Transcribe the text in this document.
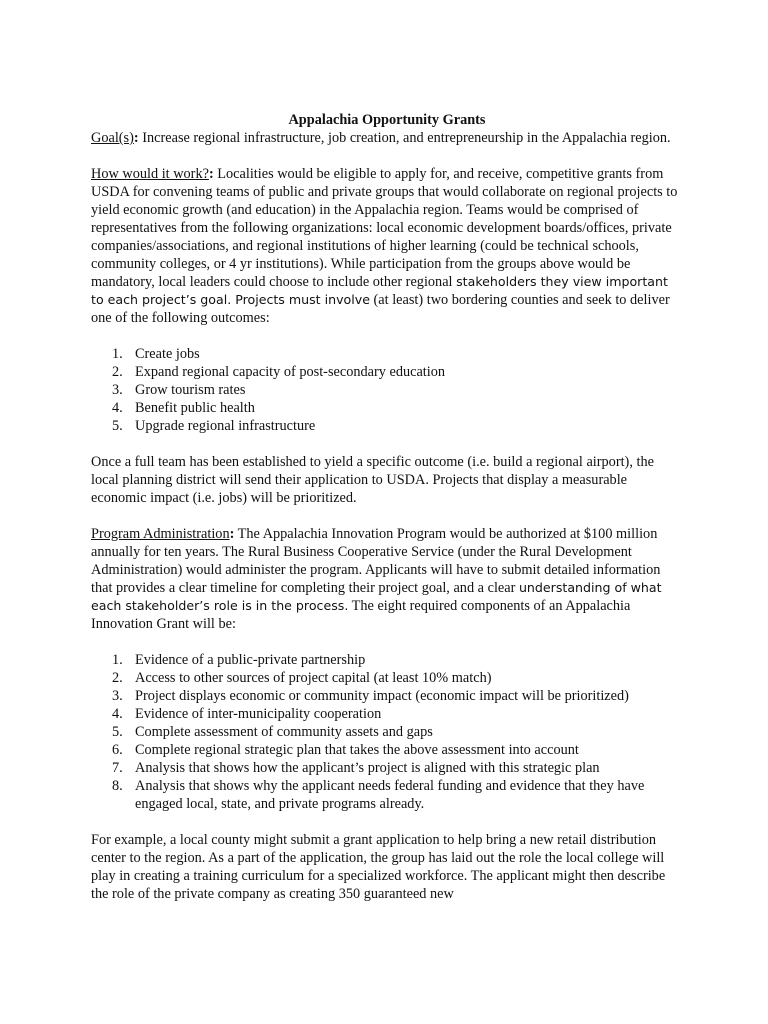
Appalachia Opportunity Grants

Goal(s): Increase regional infrastructure, job creation, and entrepreneurship in the Appalachia region.

How would it work?: Localities would be eligible to apply for, and receive, competitive grants from USDA for convening teams of public and private groups that would collaborate on regional projects to yield economic growth (and education) in the Appalachia region. Teams would be comprised of representatives from the following organizations: local economic development boards/offices, private companies/associations, and regional institutions of higher learning (could be technical schools, community colleges, or 4 yr institutions). While participation from the groups above would be mandatory, local leaders could choose to include other regional stakeholders they view important to each project’s goal. Projects must involve (at least) two bordering counties and seek to deliver one of the following outcomes:

1. Create jobs
2. Expand regional capacity of post-secondary education
3. Grow tourism rates
4. Benefit public health
5. Upgrade regional infrastructure

Once a full team has been established to yield a specific outcome (i.e. build a regional airport), the local planning district will send their application to USDA. Projects that display a measurable economic impact (i.e. jobs) will be prioritized.

Program Administration: The Appalachia Innovation Program would be authorized at $100 million annually for ten years. The Rural Business Cooperative Service (under the Rural Development Administration) would administer the program. Applicants will have to submit detailed information that provides a clear timeline for completing their project goal, and a clear understanding of what each stakeholder’s role is in the process. The eight required components of an Appalachia Innovation Grant will be:

1. Evidence of a public-private partnership
2. Access to other sources of project capital (at least 10% match)
3. Project displays economic or community impact (economic impact will be prioritized)
4. Evidence of inter-municipality cooperation
5. Complete assessment of community assets and gaps
6. Complete regional strategic plan that takes the above assessment into account
7. Analysis that shows how the applicant’s project is aligned with this strategic plan
8. Analysis that shows why the applicant needs federal funding and evidence that they have engaged local, state, and private programs already.

For example, a local county might submit a grant application to help bring a new retail distribution center to the region. As a part of the application, the group has laid out the role the local college will play in creating a training curriculum for a specialized workforce. The applicant might then describe the role of the private company as creating 350 guaranteed new
